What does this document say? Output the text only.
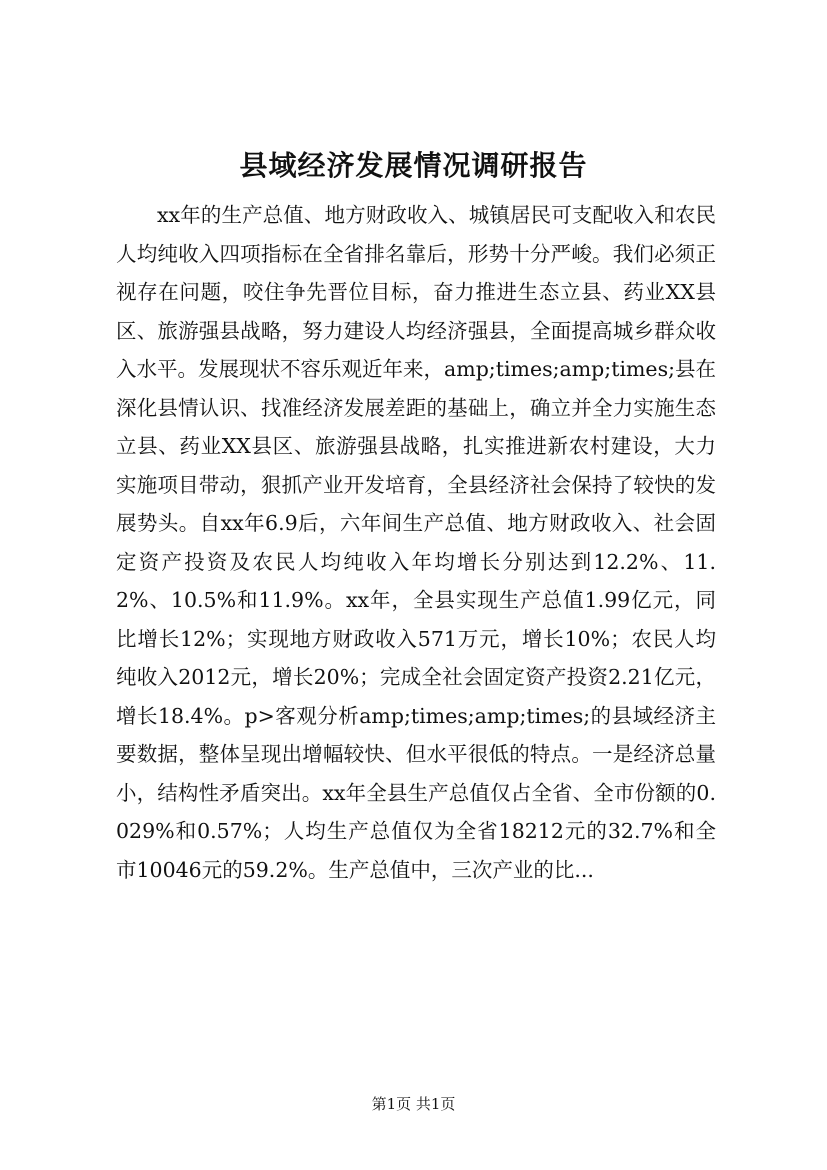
县域经济发展情况调研报告

xx年的生产总值、地方财政收入、城镇居民可支配收入和农民人均纯收入四项指标在全省排名靠后，形势十分严峻。我们必须正视存在问题，咬住争先晋位目标，奋力推进生态立县、药业XX县区、旅游强县战略，努力建设人均经济强县，全面提高城乡群众收入水平。发展现状不容乐观近年来，amp;times;amp;times;县在深化县情认识、找准经济发展差距的基础上，确立并全力实施生态立县、药业XX县区、旅游强县战略，扎实推进新农村建设，大力实施项目带动，狠抓产业开发培育，全县经济社会保持了较快的发展势头。自xx年6.9后，六年间生产总值、地方财政收入、社会固定资产投资及农民人均纯收入年均增长分别达到12.2%、11.2%、10.5%和11.9%。xx年，全县实现生产总值1.99亿元，同比增长12%；实现地方财政收入571万元，增长10%；农民人均纯收入2012元，增长20%；完成全社会固定资产投资2.21亿元，增长18.4%。p>客观分析amp;times;amp;times;的县域经济主要数据，整体呈现出增幅较快、但水平很低的特点。一是经济总量小，结构性矛盾突出。xx年全县生产总值仅占全省、全市份额的0.029%和0.57%；人均生产总值仅为全省18212元的32.7%和全市10046元的59.2%。生产总值中，三次产业的比...

第1页 共1页
